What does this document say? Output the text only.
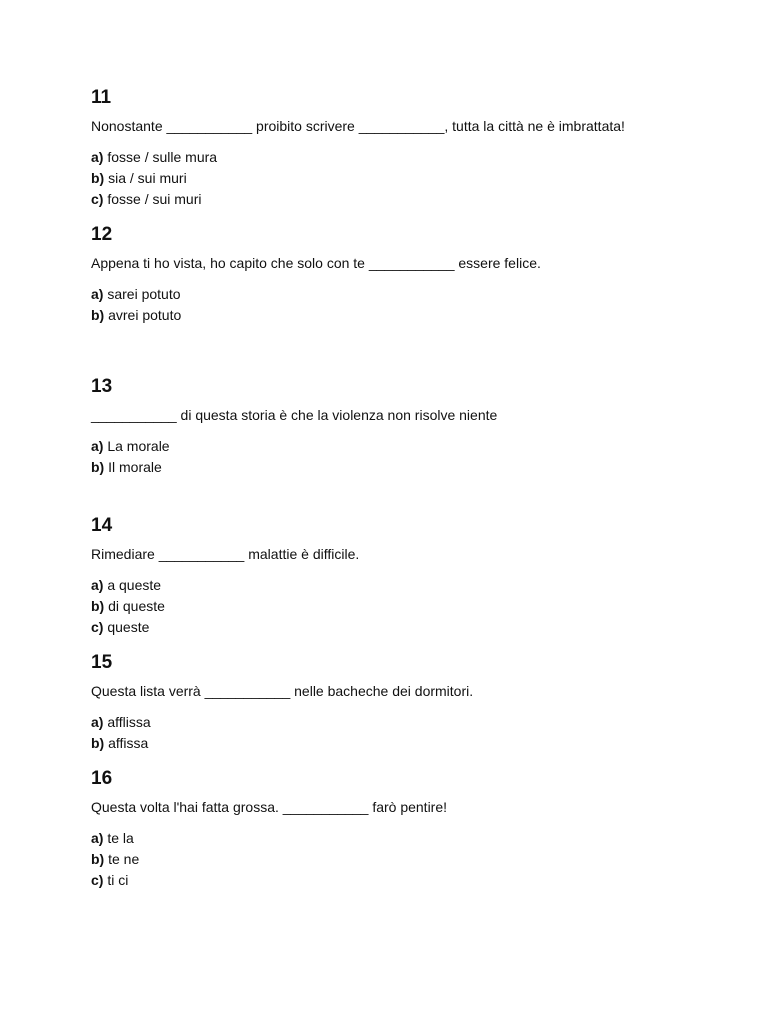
11

Nonostante ___________ proibito scrivere ___________, tutta la città ne è imbrattata!

a) fosse / sulle mura
b) sia / sui muri
c) fosse / sui muri

12

Appena ti ho vista, ho capito che solo con te ___________ essere felice.

a) sarei potuto
b) avrei potuto

13

___________ di questa storia è che la violenza non risolve niente

a) La morale
b) Il morale

14

Rimediare ___________ malattie è difficile.

a) a queste
b) di queste
c) queste

15

Questa lista verrà ___________ nelle bacheche dei dormitori.

a) afflissa
b) affissa

16

Questa volta l'hai fatta grossa. ___________ farò pentire!

a) te la
b) te ne
c) ti ci
